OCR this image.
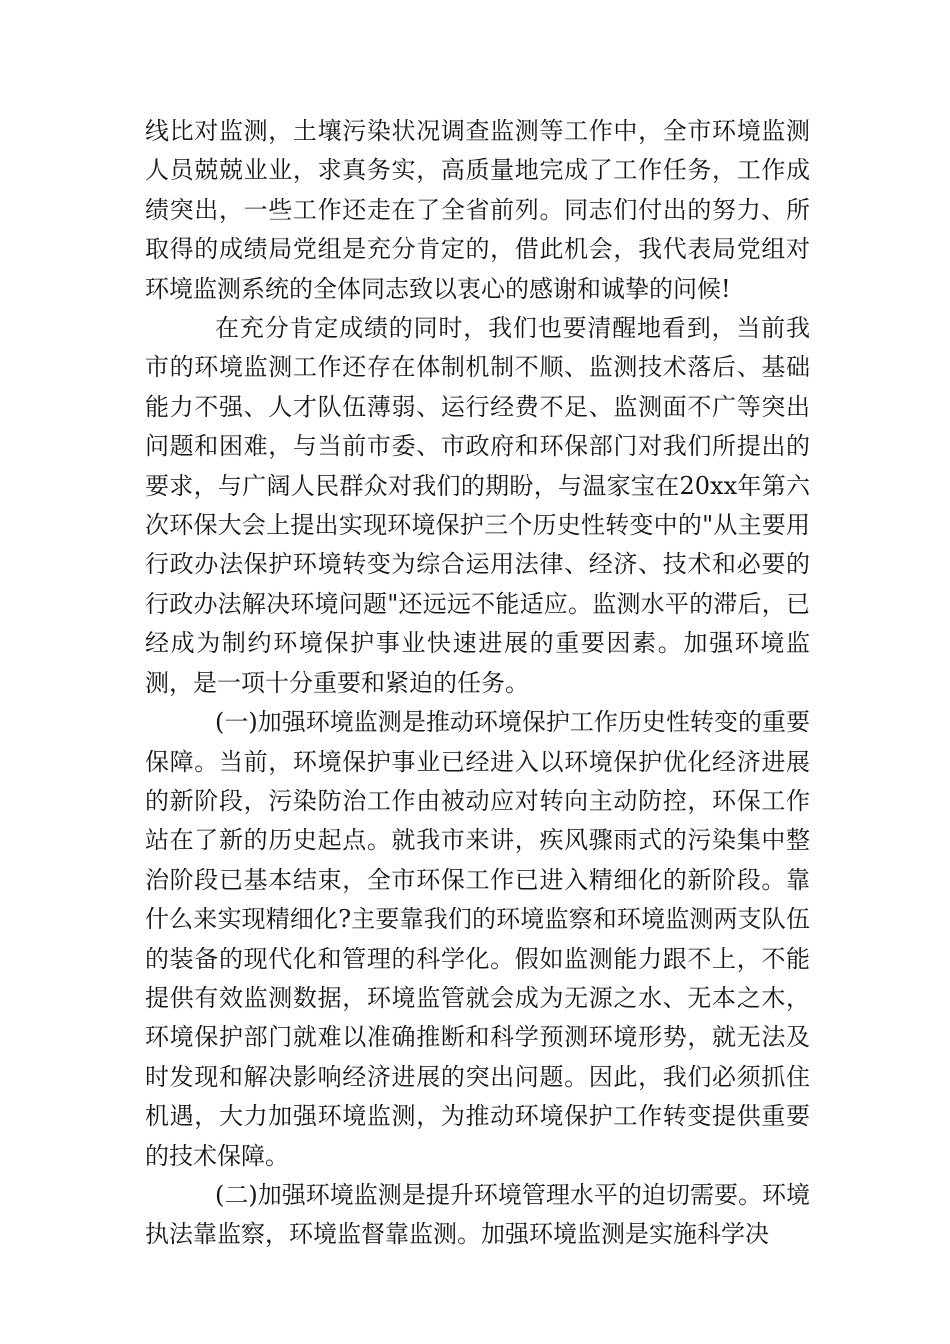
线比对监测，土壤污染状况调查监测等工作中，全市环境监测人员兢兢业业，求真务实，高质量地完成了工作任务，工作成绩突出，一些工作还走在了全省前列。同志们付出的努力、所取得的成绩局党组是充分肯定的，借此机会，我代表局党组对环境监测系统的全体同志致以衷心的感谢和诚挚的问候!

在充分肯定成绩的同时，我们也要清醒地看到，当前我市的环境监测工作还存在体制机制不顺、监测技术落后、基础能力不强、人才队伍薄弱、运行经费不足、监测面不广等突出问题和困难，与当前市委、市政府和环保部门对我们所提出的要求，与广阔人民群众对我们的期盼，与温家宝在20xx年第六次环保大会上提出实现环境保护三个历史性转变中的"从主要用行政办法保护环境转变为综合运用法律、经济、技术和必要的行政办法解决环境问题"还远远不能适应。监测水平的滞后，已经成为制约环境保护事业快速进展的重要因素。加强环境监测，是一项十分重要和紧迫的任务。

(一)加强环境监测是推动环境保护工作历史性转变的重要保障。当前，环境保护事业已经进入以环境保护优化经济进展的新阶段，污染防治工作由被动应对转向主动防控，环保工作站在了新的历史起点。就我市来讲，疾风骤雨式的污染集中整治阶段已基本结束，全市环保工作已进入精细化的新阶段。靠什么来实现精细化?主要靠我们的环境监察和环境监测两支队伍的装备的现代化和管理的科学化。假如监测能力跟不上，不能提供有效监测数据，环境监管就会成为无源之水、无本之木，环境保护部门就难以准确推断和科学预测环境形势，就无法及时发现和解决影响经济进展的突出问题。因此，我们必须抓住机遇，大力加强环境监测，为推动环境保护工作转变提供重要的技术保障。

(二)加强环境监测是提升环境管理水平的迫切需要。环境执法靠监察，环境监督靠监测。加强环境监测是实施科学决
